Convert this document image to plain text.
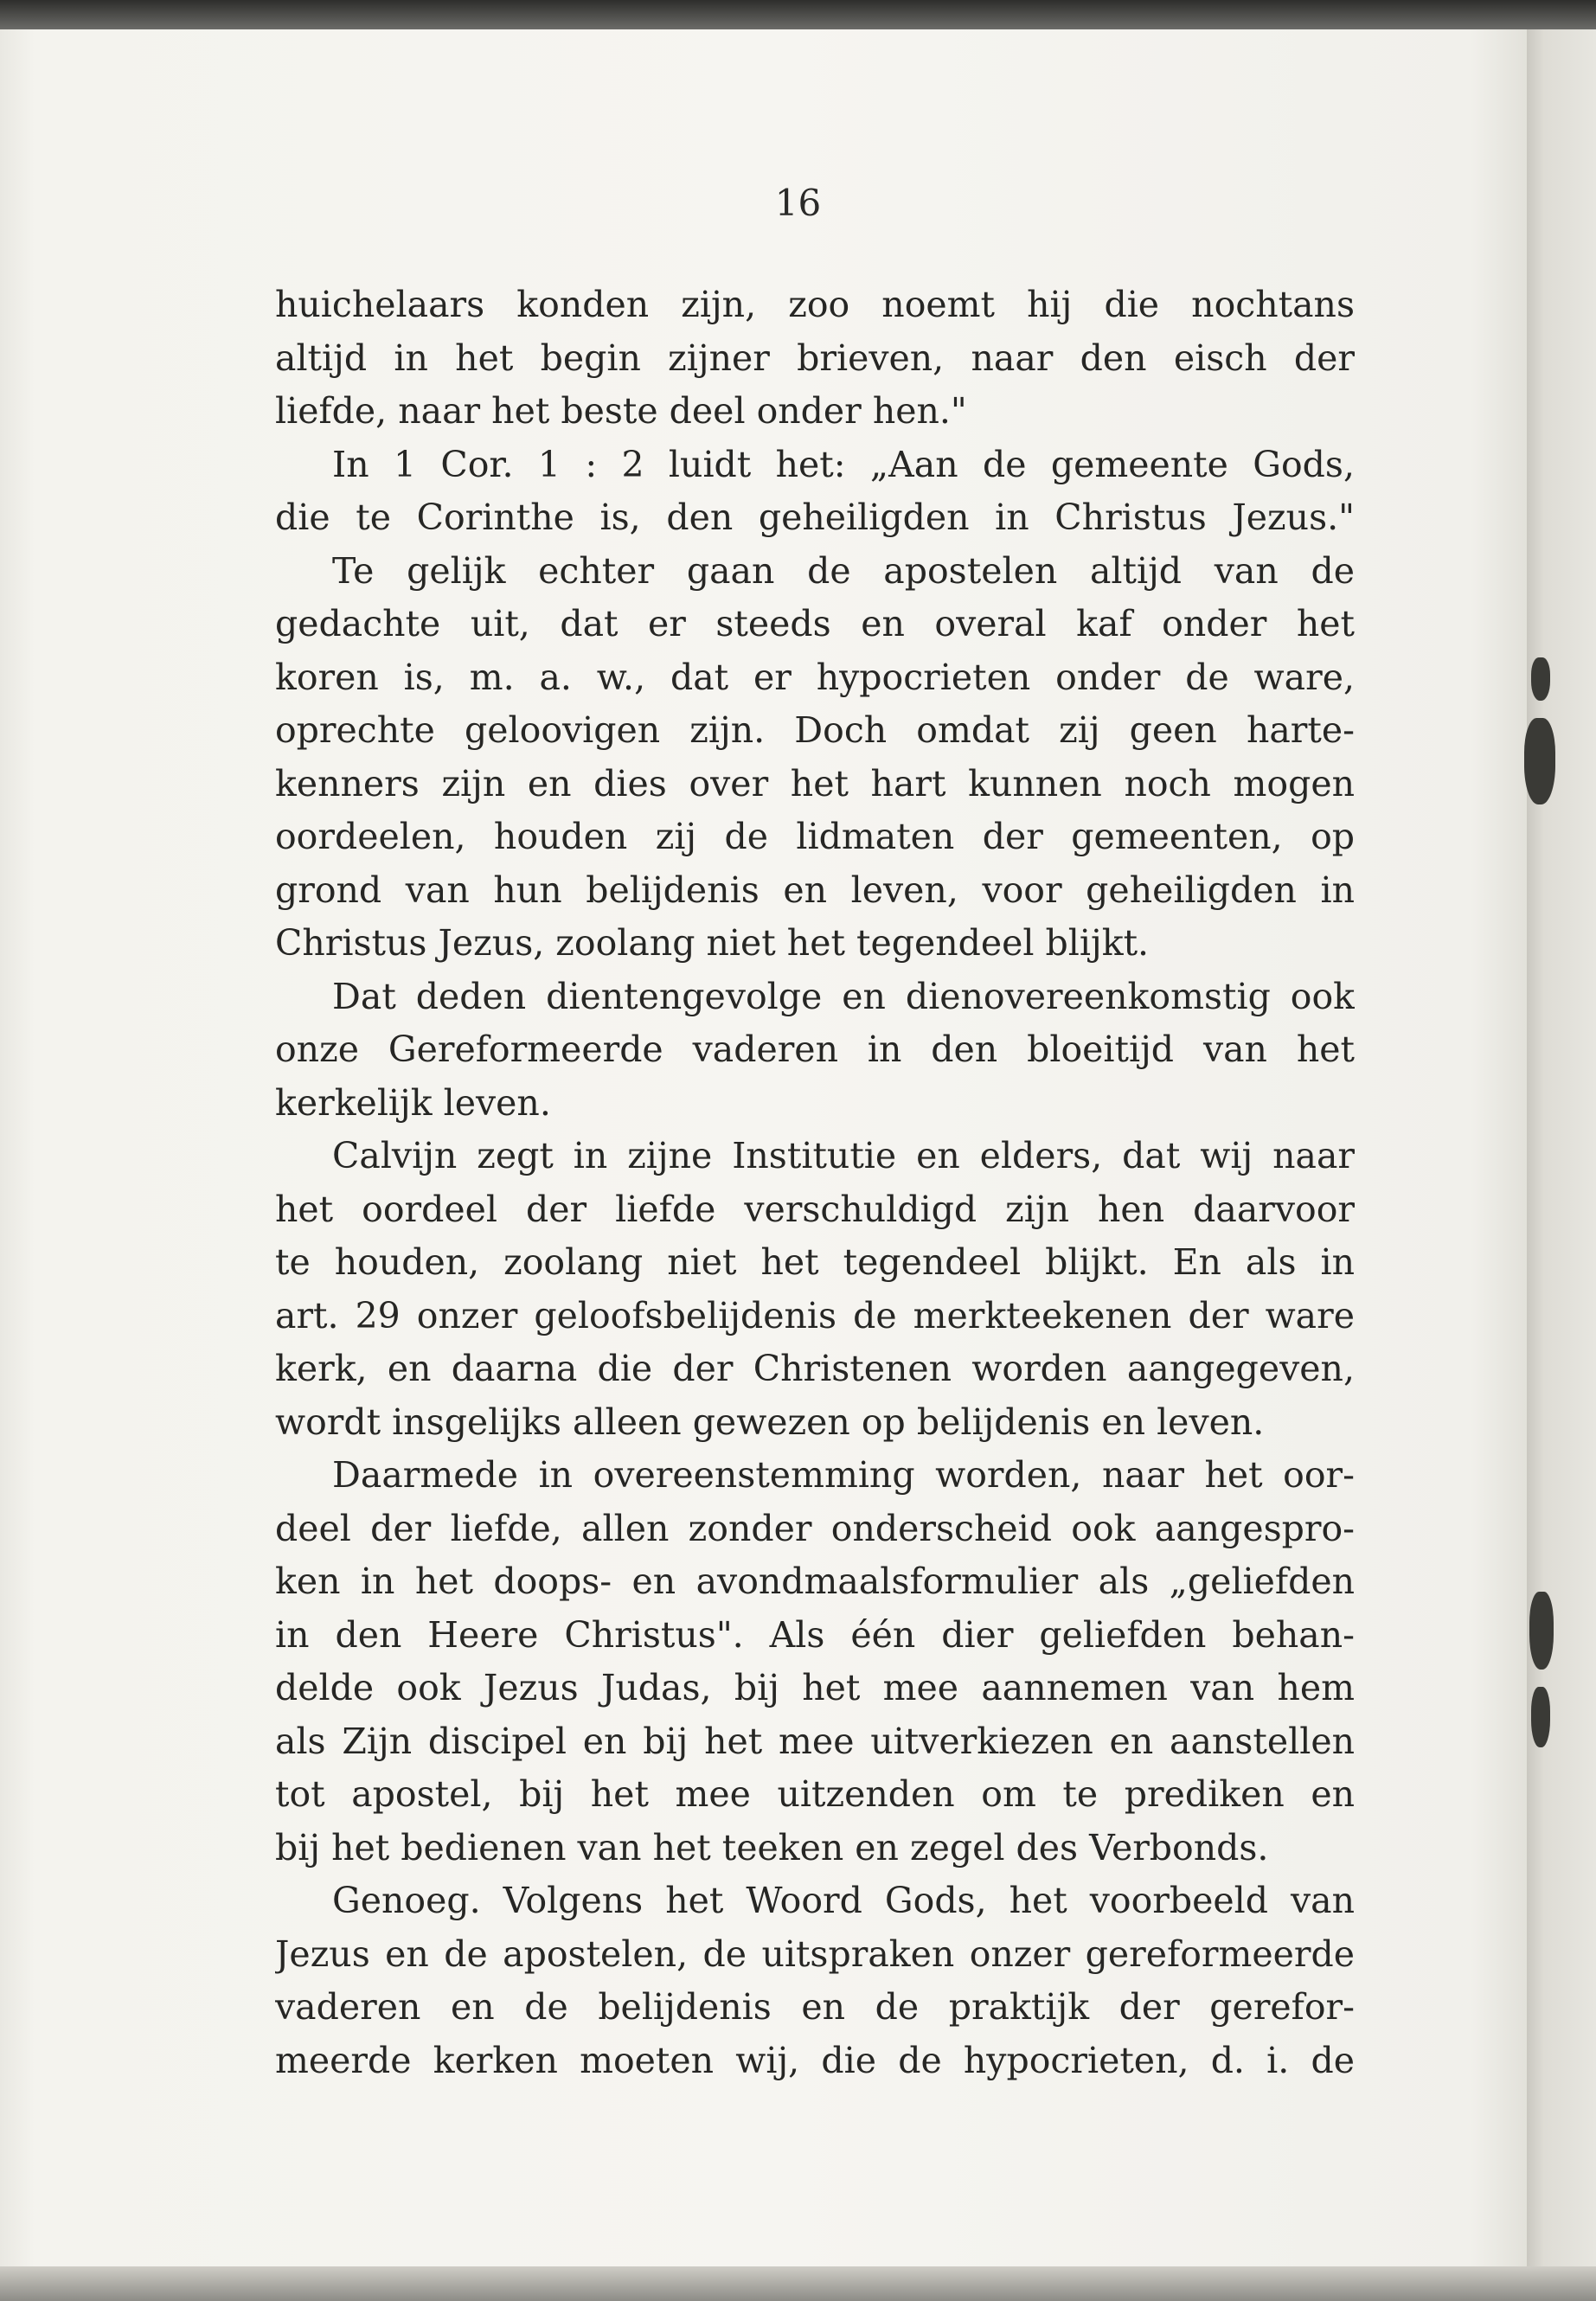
16
huichelaars konden zijn, zoo noemt hij die nochtans
altijd in het begin zijner brieven, naar den eisch der
liefde, naar het beste deel onder hen."
In 1 Cor. 1 : 2 luidt het: „Aan de gemeente Gods,
die te Corinthe is, den geheiligden in Christus Jezus."
Te gelijk echter gaan de apostelen altijd van de
gedachte uit, dat er steeds en overal kaf onder het
koren is, m. a. w., dat er hypocrieten onder de ware,
oprechte geloovigen zijn. Doch omdat zij geen harte-
kenners zijn en dies over het hart kunnen noch mogen
oordeelen, houden zij de lidmaten der gemeenten, op
grond van hun belijdenis en leven, voor geheiligden in
Christus Jezus, zoolang niet het tegendeel blijkt.
Dat deden dientengevolge en dienovereenkomstig ook
onze Gereformeerde vaderen in den bloeitijd van het
kerkelijk leven.
Calvijn zegt in zijne Institutie en elders, dat wij naar
het oordeel der liefde verschuldigd zijn hen daarvoor
te houden, zoolang niet het tegendeel blijkt. En als in
art. 29 onzer geloofsbelijdenis de merkteekenen der ware
kerk, en daarna die der Christenen worden aangegeven,
wordt insgelijks alleen gewezen op belijdenis en leven.
Daarmede in overeenstemming worden, naar het oor-
deel der liefde, allen zonder onderscheid ook aangespro-
ken in het doops- en avondmaalsformulier als „geliefden
in den Heere Christus". Als één dier geliefden behan-
delde ook Jezus Judas, bij het mee aannemen van hem
als Zijn discipel en bij het mee uitverkiezen en aanstellen
tot apostel, bij het mee uitzenden om te prediken en
bij het bedienen van het teeken en zegel des Verbonds.
Genoeg. Volgens het Woord Gods, het voorbeeld van
Jezus en de apostelen, de uitspraken onzer gereformeerde
vaderen en de belijdenis en de praktijk der gerefor-
meerde kerken moeten wij, die de hypocrieten, d. i. de
